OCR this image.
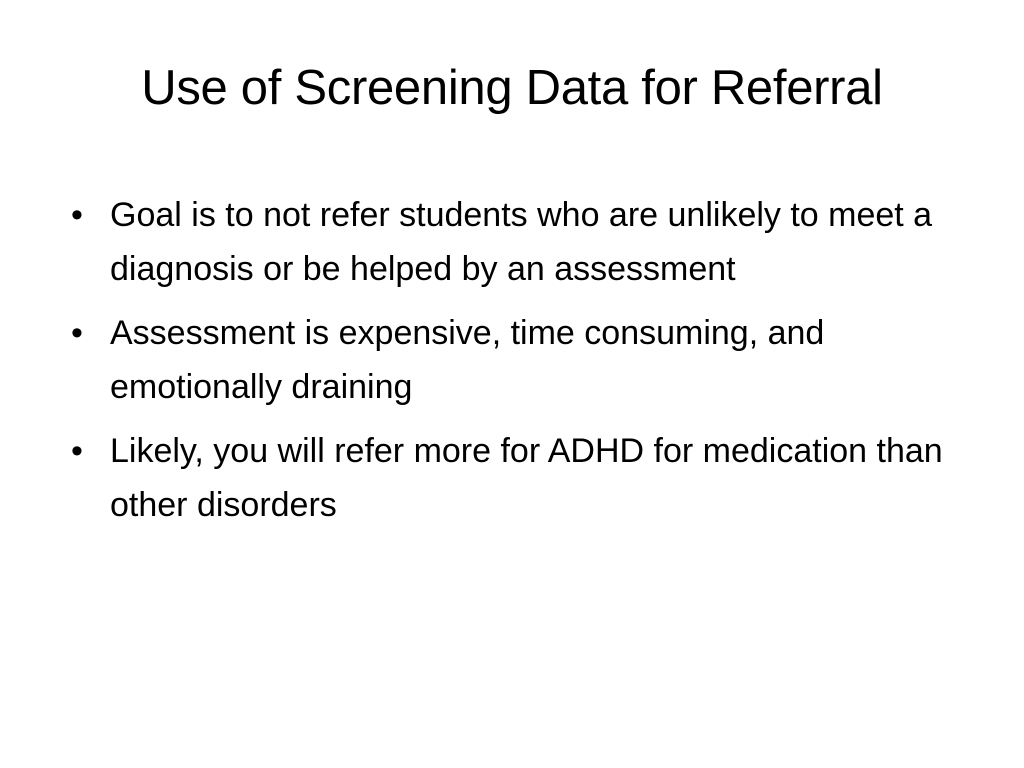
Use of Screening Data for Referral
• Goal is to not refer students who are unlikely to meet a diagnosis or be helped by an assessment
• Assessment is expensive, time consuming, and emotionally draining
• Likely, you will refer more for ADHD for medication than other disorders
